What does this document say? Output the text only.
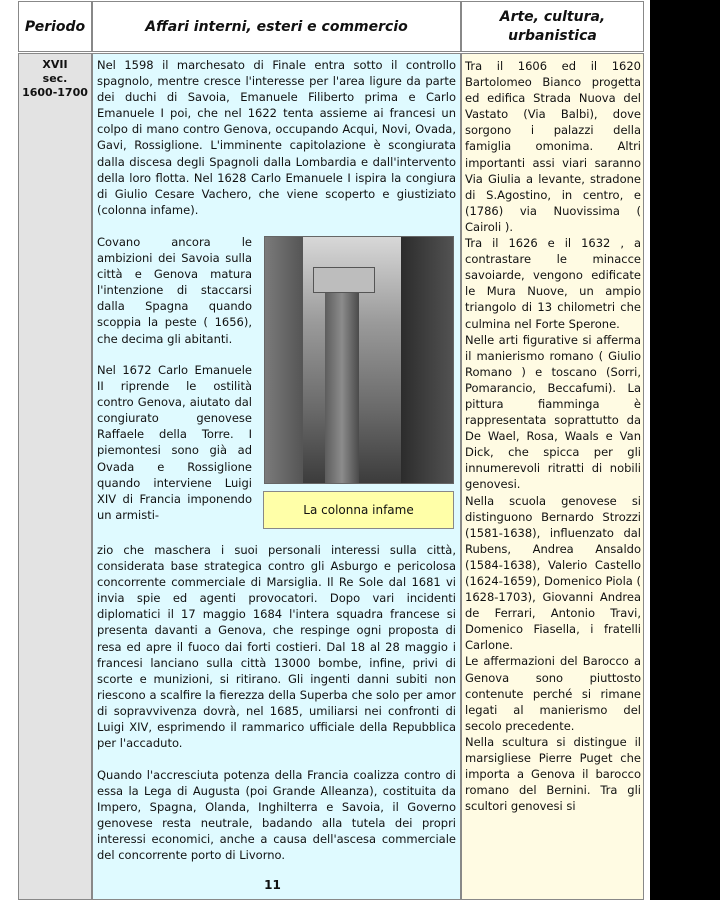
Periodo	Affari interni, esteri e commercio
Arte, cultura, urbanistica
XVII
sec.
1600-1700
Nel 1598 il marchesato di Finale entra sotto il controllo spagnolo, mentre cresce l'interesse per l'area ligure da parte dei duchi di Savoia, Emanuele Filiberto prima e Carlo Emanuele I poi, che nel 1622 tenta assieme ai francesi un colpo di mano contro Genova, occupando Acqui, Novi, Ovada, Gavi, Rossiglione. L'imminente capitolazione è scongiurata dalla discesa degli Spagnoli dalla Lombardia e dall'intervento della loro flotta. Nel 1628 Carlo Emanuele I ispira la congiura di Giulio Cesare Vachero, che viene scoperto e giustiziato (colonna infame).
Covano ancora le ambizioni dei Savoia sulla città e Genova matura l'intenzione di staccarsi dalla Spagna quando scoppia la peste ( 1656), che decima gli abitanti.
Nel 1672 Carlo Emanuele II riprende le ostilità contro Genova, aiutato dal congiurato genovese Raffaele della Torre. I piemontesi sono già ad Ovada e Rossiglione quando interviene Luigi XIV di Francia imponendo un armisti-
zio che maschera i suoi personali interessi sulla città, considerata base strategica contro gli Asburgo e pericolosa concorrente commerciale di Marsiglia. Il Re Sole dal 1681 vi invia spie ed agenti provocatori. Dopo vari incidenti diplomatici il 17 maggio 1684 l'intera squadra francese si presenta davanti a Genova, che respinge ogni proposta di resa ed apre il fuoco dai forti costieri. Dal 18 al 28 maggio i francesi lanciano sulla città 13000 bombe, infine, privi di scorte e munizioni, si ritirano. Gli ingenti danni subiti non riescono a scalfire la fierezza della Superba che solo per amor di sopravvivenza dovrà, nel 1685, umiliarsi nei confronti di Luigi XIV, esprimendo il rammarico ufficiale della Repubblica per l'accaduto.
Quando l'accresciuta potenza della Francia coalizza contro di essa la Lega di Augusta (poi Grande Alleanza), costituita da Impero, Spagna, Olanda, Inghilterra e Savoia, il Governo genovese resta neutrale, badando alla tutela dei propri interessi economici, anche a causa dell'ascesa commerciale del concorrente porto di Livorno.
La colonna infame
11
Tra il 1606 ed il 1620 Bartolomeo Bianco progetta ed edifica Strada Nuova del Vastato (Via Balbi), dove sorgono i palazzi della famiglia omonima. Altri importanti assi viari saranno Via Giulia a levante, stradone di S.Agostino, in centro, e (1786) via Nuovissima ( Cairoli ).
Tra il 1626 e il 1632 , a contrastare le minacce savoiarde, vengono edificate le Mura Nuove, un ampio triangolo di 13 chilometri che culmina nel Forte Sperone.
Nelle arti figurative si afferma il manierismo romano ( Giulio Romano ) e toscano (Sorri, Pomarancio, Beccafumi). La pittura fiamminga è rappresentata soprattutto da De Wael, Rosa, Waals e Van Dick, che spicca per gli innumerevoli ritratti di nobili genovesi.
Nella scuola genovese si distinguono Bernardo Strozzi (1581-1638), influenzato dal Rubens, Andrea Ansaldo (1584-1638), Valerio Castello (1624-1659), Domenico Piola ( 1628-1703), Giovanni Andrea de Ferrari, Antonio Travi, Domenico Fiasella, i fratelli Carlone.
Le affermazioni del Barocco a Genova sono piuttosto contenute perché si rimane legati al manierismo del secolo precedente.
Nella scultura si distingue il marsigliese Pierre Puget che importa a Genova il barocco romano del Bernini. Tra gli scultori genovesi si
